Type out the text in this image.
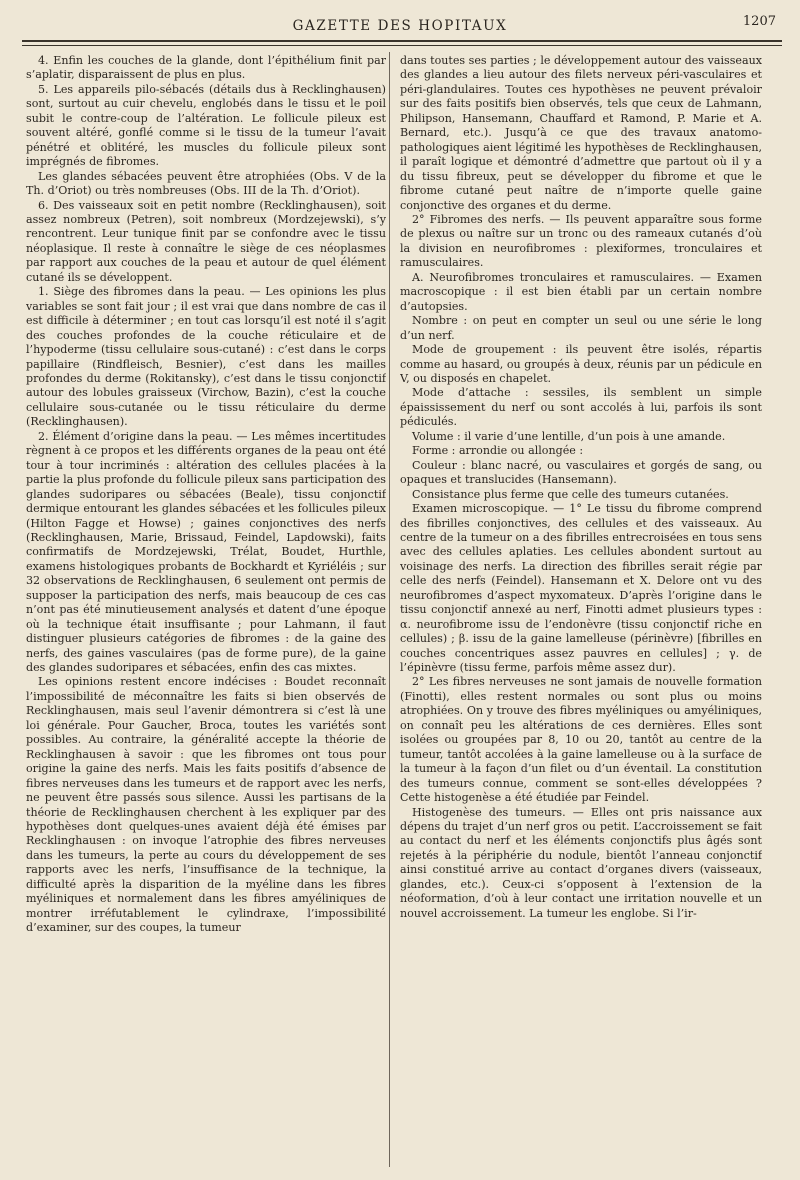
GAZETTE DES HOPITAUX	1207

4. Enfin les couches de la glande, dont l’épithélium finit par s’aplatir, disparaissent de plus en plus.

5. Les appareils pilo-sébacés (détails dus à Recklinghausen) sont, surtout au cuir chevelu, englobés dans le tissu et le poil subit le contre-coup de l’altération. Le follicule pileux est souvent altéré, gonflé comme si le tissu de la tumeur l’avait pénétré et oblitéré, les muscles du follicule pileux sont imprégnés de fibromes.

Les glandes sébacées peuvent être atrophiées (Obs. V de la Th. d’Oriot) ou très nombreuses (Obs. III de la Th. d’Oriot).

6. Des vaisseaux soit en petit nombre (Recklinghausen), soit assez nombreux (Petren), soit nombreux (Mordzejewski), s’y rencontrent. Leur tunique finit par se confondre avec le tissu néoplasique. Il reste à connaître le siège de ces néoplasmes par rapport aux couches de la peau et autour de quel élément cutané ils se développent.

1. Siège des fibromes dans la peau. — Les opinions les plus variables se sont fait jour ; il est vrai que dans nombre de cas il est difficile à déterminer ; en tout cas lorsqu’il est noté il s’agit des couches profondes de la couche réticulaire et de l’hypoderme (tissu cellulaire sous-cutané) : c’est dans le corps papillaire (Rindfleisch, Besnier), c’est dans les mailles profondes du derme (Rokitansky), c’est dans le tissu conjonctif autour des lobules graisseux (Virchow, Bazin), c’est la couche cellulaire sous-cutanée ou le tissu réticulaire du derme (Recklinghausen).

2. Élément d’origine dans la peau. — Les mêmes incertitudes règnent à ce propos et les différents organes de la peau ont été tour à tour incriminés : altération des cellules placées à la partie la plus profonde du follicule pileux sans participation des glandes sudoripares ou sébacées (Beale), tissu conjonctif dermique entourant les glandes sébacées et les follicules pileux (Hilton Fagge et Howse) ; gaines conjonctives des nerfs (Recklinghausen, Marie, Brissaud, Feindel, Lapdowski), faits confirmatifs de Mordzejewski, Trélat, Boudet, Hurthle, examens histologiques probants de Bockhardt et Kyriéléis ; sur 32 observations de Recklinghausen, 6 seulement ont permis de supposer la participation des nerfs, mais beaucoup de ces cas n’ont pas été minutieusement analysés et datent d’une époque où la technique était insuffisante ; pour Lahmann, il faut distinguer plusieurs catégories de fibromes : de la gaine des nerfs, des gaines vasculaires (pas de forme pure), de la gaine des glandes sudoripares et sébacées, enfin des cas mixtes.

Les opinions restent encore indécises : Boudet reconnaît l’impossibilité de méconnaître les faits si bien observés de Recklinghausen, mais seul l’avenir démontrera si c’est là une loi générale. Pour Gaucher, Broca, toutes les variétés sont possibles. Au contraire, la généralité accepte la théorie de Recklinghausen à savoir : que les fibromes ont tous pour origine la gaine des nerfs. Mais les faits positifs d’absence de fibres nerveuses dans les tumeurs et de rapport avec les nerfs, ne peuvent être passés sous silence. Aussi les partisans de la théorie de Recklinghausen cherchent à les expliquer par des hypothèses dont quelques-unes avaient déjà été émises par Recklinghausen : on invoque l’atrophie des fibres nerveuses dans les tumeurs, la perte au cours du développement de ses rapports avec les nerfs, l’insuffisance de la technique, la difficulté après la disparition de la myéline dans les fibres myéliniques et normalement dans les fibres amyéliniques de montrer irréfutablement le cylindraxe, l’impossibilité d’examiner, sur des coupes, la tumeur

dans toutes ses parties ; le développement autour des vaisseaux des glandes a lieu autour des filets nerveux péri-vasculaires et péri-glandulaires. Toutes ces hypothèses ne peuvent prévaloir sur des faits positifs bien observés, tels que ceux de Lahmann, Philipson, Hansemann, Chauffard et Ramond, P. Marie et A. Bernard, etc.). Jusqu’à ce que des travaux anatomo-pathologiques aient légitimé les hypothèses de Recklinghausen, il paraît logique et démontré d’admettre que partout où il y a du tissu fibreux, peut se développer du fibrome et que le fibrome cutané peut naître de n’importe quelle gaine conjonctive des organes et du derme.

2° Fibromes des nerfs. — Ils peuvent apparaître sous forme de plexus ou naître sur un tronc ou des rameaux cutanés d’où la division en neurofibromes : plexiformes, tronculaires et ramusculaires.

A. Neurofibromes tronculaires et ramusculaires. — Examen macroscopique : il est bien établi par un certain nombre d’autopsies.

Nombre : on peut en compter un seul ou une série le long d’un nerf.

Mode de groupement : ils peuvent être isolés, répartis comme au hasard, ou groupés à deux, réunis par un pédicule en V, ou disposés en chapelet.

Mode d’attache : sessiles, ils semblent un simple épaississement du nerf ou sont accolés à lui, parfois ils sont pédiculés.

Volume : il varie d’une lentille, d’un pois à une amande.

Forme : arrondie ou allongée :

Couleur : blanc nacré, ou vasculaires et gorgés de sang, ou opaques et translucides (Hansemann).

Consistance plus ferme que celle des tumeurs cutanées.

Examen microscopique. — 1° Le tissu du fibrome comprend des fibrilles conjonctives, des cellules et des vaisseaux. Au centre de la tumeur on a des fibrilles entrecroisées en tous sens avec des cellules aplaties. Les cellules abondent surtout au voisinage des nerfs. La direction des fibrilles serait régie par celle des nerfs (Feindel). Hansemann et X. Delore ont vu des neurofibromes d’aspect myxomateux. D’après l’origine dans le tissu conjonctif annexé au nerf, Finotti admet plusieurs types : α. neurofibrome issu de l’endonèvre (tissu conjonctif riche en cellules) ; β. issu de la gaine lamelleuse (périnèvre) [fibrilles en couches concentriques assez pauvres en cellules] ; γ. de l’épinèvre (tissu ferme, parfois même assez dur).

2° Les fibres nerveuses ne sont jamais de nouvelle formation (Finotti), elles restent normales ou sont plus ou moins atrophiées. On y trouve des fibres myéliniques ou amyéliniques, on connaît peu les altérations de ces dernières. Elles sont isolées ou groupées par 8, 10 ou 20, tantôt au centre de la tumeur, tantôt accolées à la gaine lamelleuse ou à la surface de la tumeur à la façon d’un filet ou d’un éventail. La constitution des tumeurs connue, comment se sont-elles développées ? Cette histogenèse a été étudiée par Feindel.

Histogenèse des tumeurs. — Elles ont pris naissance aux dépens du trajet d’un nerf gros ou petit. L’accroissement se fait au contact du nerf et les éléments conjonctifs plus âgés sont rejetés à la périphérie du nodule, bientôt l’anneau conjonctif ainsi constitué arrive au contact d’organes divers (vaisseaux, glandes, etc.). Ceux-ci s’opposent à l’extension de la néoformation, d’où à leur contact une irritation nouvelle et un nouvel accroissement. La tumeur les englobe. Si l’ir-
